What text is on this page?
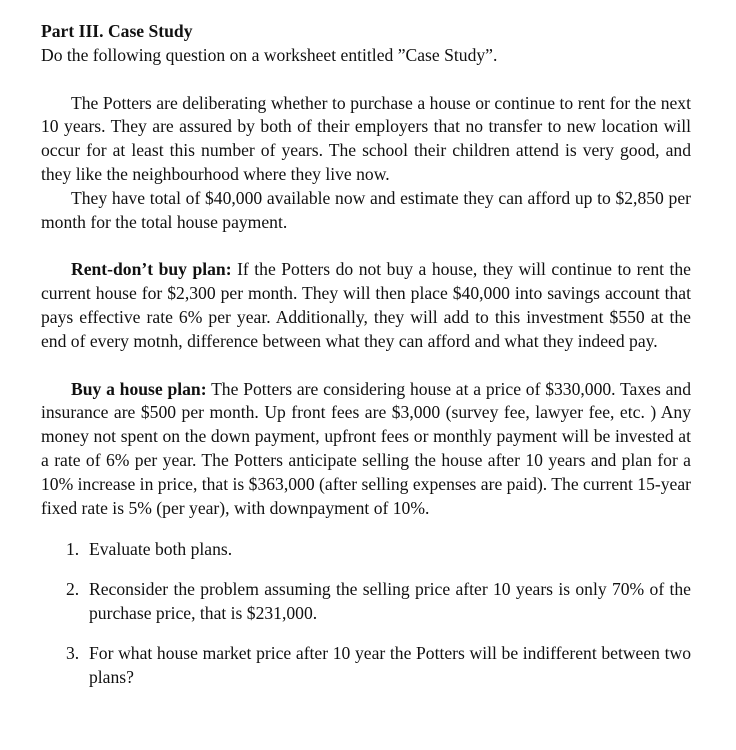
Part III. Case Study

Do the following question on a worksheet entitled ”Case Study”.

The Potters are deliberating whether to purchase a house or continue to rent for the next 10 years. They are assured by both of their employers that no transfer to new location will occur for at least this number of years. The school their children attend is very good, and they like the neighbourhood where they live now.

They have total of $40,000 available now and estimate they can afford up to $2,850 per month for the total house payment.

Rent-don’t buy plan: If the Potters do not buy a house, they will continue to rent the current house for $2,300 per month. They will then place $40,000 into savings account that pays effective rate 6% per year. Additionally, they will add to this investment $550 at the end of every motnh, difference between what they can afford and what they indeed pay.

Buy a house plan: The Potters are considering house at a price of $330,000. Taxes and insurance are $500 per month. Up front fees are $3,000 (survey fee, lawyer fee, etc. ) Any money not spent on the down payment, upfront fees or monthly payment will be invested at a rate of 6% per year. The Potters anticipate selling the house after 10 years and plan for a 10% increase in price, that is $363,000 (after selling expenses are paid). The current 15-year fixed rate is 5% (per year), with downpayment of 10%.

1. Evaluate both plans.
2. Reconsider the problem assuming the selling price after 10 years is only 70% of the purchase price, that is $231,000.
3. For what house market price after 10 year the Potters will be indifferent between two plans?
